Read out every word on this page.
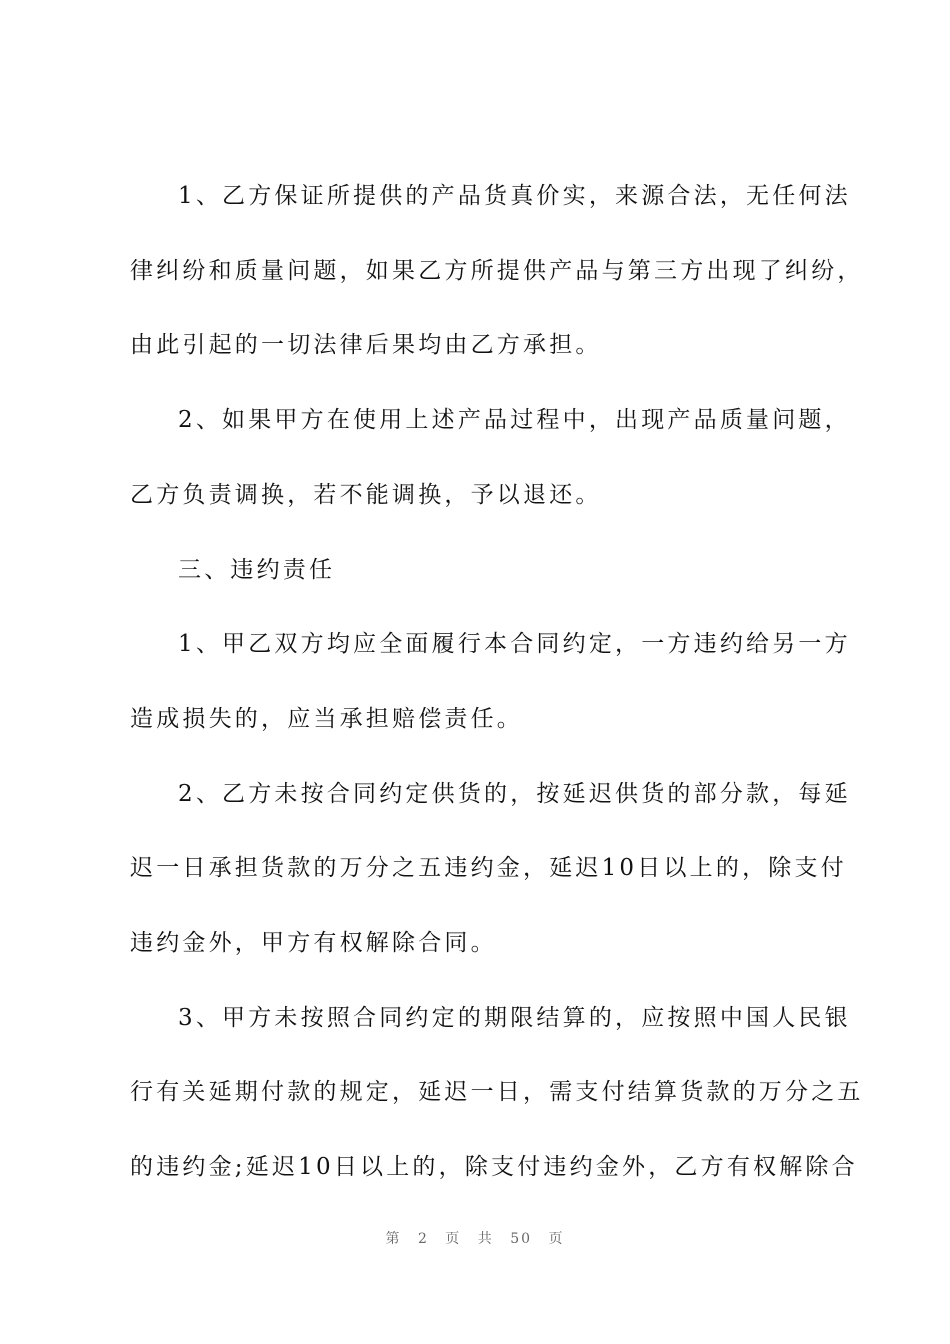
1、乙方保证所提供的产品货真价实，来源合法，无任何法
律纠纷和质量问题，如果乙方所提供产品与第三方出现了纠纷，
由此引起的一切法律后果均由乙方承担。
2、如果甲方在使用上述产品过程中，出现产品质量问题，
乙方负责调换，若不能调换，予以退还。
三、违约责任
1、甲乙双方均应全面履行本合同约定，一方违约给另一方
造成损失的，应当承担赔偿责任。
2、乙方未按合同约定供货的，按延迟供货的部分款，每延
迟一日承担货款的万分之五违约金，延迟10日以上的，除支付
违约金外，甲方有权解除合同。
3、甲方未按照合同约定的期限结算的，应按照中国人民银
行有关延期付款的规定，延迟一日，需支付结算货款的万分之五
的违约金;延迟10日以上的，除支付违约金外，乙方有权解除合
第 2 页 共 50 页
